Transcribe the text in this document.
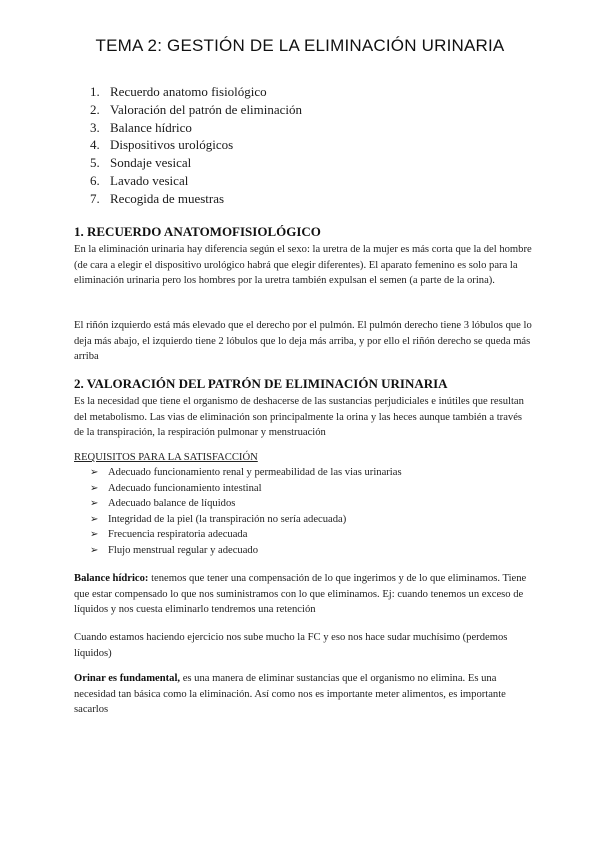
TEMA 2: GESTIÓN DE LA ELIMINACIÓN URINARIA
1. Recuerdo anatomo fisiológico
2. Valoración del patrón de eliminación
3. Balance hídrico
4. Dispositivos urológicos
5. Sondaje vesical
6. Lavado vesical
7. Recogida de muestras
1. RECUERDO ANATOMOFISIOLÓGICO

En la eliminación urinaria hay diferencia según el sexo: la uretra de la mujer es más corta que la del hombre (de cara a elegir el dispositivo urológico habrá que elegir diferentes). El aparato femenino es solo para la eliminación urinaria pero los hombres por la uretra también expulsan el semen (a parte de la orina).

El riñón izquierdo está más elevado que el derecho por el pulmón. El pulmón derecho tiene 3 lóbulos que lo deja más abajo, el izquierdo tiene 2 lóbulos que lo deja más arriba, y por ello el riñón derecho se queda más arriba

2. VALORACIÓN DEL PATRÓN DE ELIMINACIÓN URINARIA

Es la necesidad que tiene el organismo de deshacerse de las sustancias perjudiciales e inútiles que resultan del metabolismo. Las vias de eliminación son principalmente la orina y las heces aunque también a través de la transpiración, la respiración pulmonar y menstruación

REQUISITOS PARA LA SATISFACCIÓN

➢ Adecuado funcionamiento renal y permeabilidad de las vias urinarias
➢ Adecuado funcionamiento intestinal
➢ Adecuado balance de líquidos
➢ Integridad de la piel (la transpiración no sería adecuada)
➢ Frecuencia respiratoria adecuada
➢ Flujo menstrual regular y adecuado

Balance hídrico: tenemos que tener una compensación de lo que ingerimos y de lo que eliminamos. Tiene que estar compensado lo que nos suministramos con lo que eliminamos. Ej: cuando tenemos un exceso de líquidos y nos cuesta eliminarlo tendremos una retención

Cuando estamos haciendo ejercicio nos sube mucho la FC y eso nos hace sudar muchísimo (perdemos líquidos)

Orinar es fundamental, es una manera de eliminar sustancias que el organismo no elimina. Es una necesidad tan básica como la eliminación. Así como nos es importante meter alimentos, es importante sacarlos
